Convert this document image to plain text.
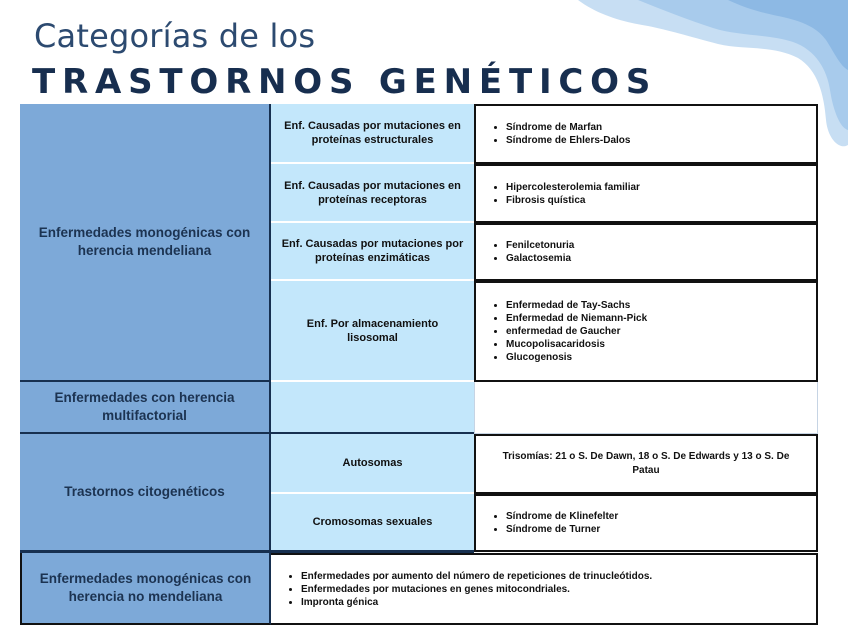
Categorías de los
TRASTORNOS GENÉTICOS
Enfermedades monogénicas con herencia mendeliana
Enf. Causadas por mutaciones en proteínas estructurales
• Síndrome de Marfan
• Síndrome de Ehlers-Dalos
Enf. Causadas por mutaciones en proteínas receptoras
• Hipercolesterolemia familiar
• Fibrosis quística
Enf. Causadas por mutaciones por proteínas enzimáticas
• Fenilcetonuria
• Galactosemia
Enf. Por almacenamiento lisosomal
• Enfermedad de Tay-Sachs
• Enfermedad de Niemann-Pick
• enfermedad de Gaucher
• Mucopolisacaridosis
• Glucogenosis
Enfermedades con herencia multifactorial
Trastornos citogenéticos
Autosomas
Trisomías: 21 o S. De Dawn, 18 o S. De Edwards y 13 o S. De Patau
Cromosomas sexuales
•	Síndrome de Klinefelter
• Síndrome de Turner
Enfermedades monogénicas con herencia no mendeliana
• Enfermedades por aumento del número de repeticiones de trinucleótidos.
• Enfermedades por mutaciones en genes mitocondriales.
• Impronta génica
